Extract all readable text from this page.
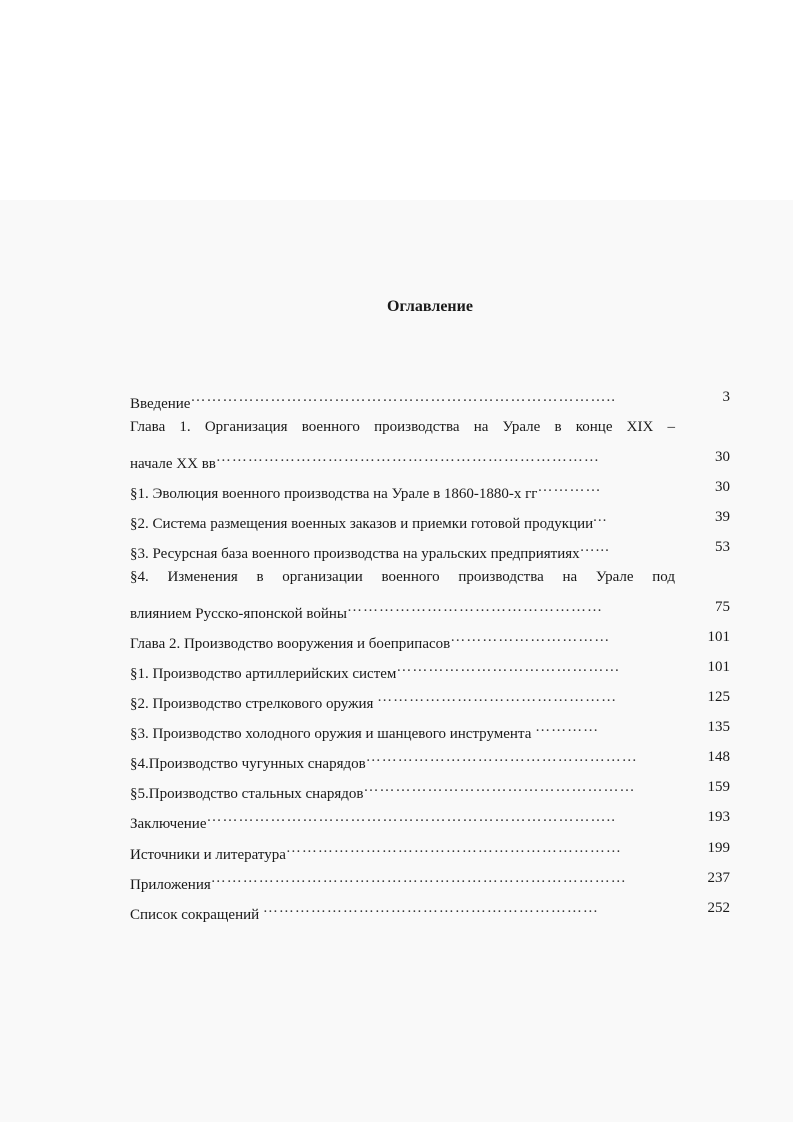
Оглавление
Введение……………………………………………………………………..	3
Глава 1. Организация военного производства на Урале в конце XIX –
начале XX вв………………………………………………………………	30
§1. Эволюция военного производства на Урале в 1860-1880-х гг…………	30
§2. Система размещения военных заказов и приемки готовой продукции...	39
§3. Ресурсная база военного производства на уральских предприятиях…...	53
§4. Изменения в организации военного производства на Урале под
влиянием Русско-японской войны…………………………………………	75
Глава 2. Производство вооружения и боеприпасов…………………………	101
§1. Производство артиллерийских систем……………………………………	101
§2. Производство стрелкового оружия ………………………………………	125
§3. Производство холодного оружия и шанцевого инструмента …………	135
§4.Производство чугунных снарядов……………………………………………	148
§5.Производство стальных снарядов……………………………………………	159
Заключение…………………………………………………………………..	193
Источники и литература………………………………………………………	199
Приложения……………………………………………………………………	237
Список сокращений ………………………………………………………	252
